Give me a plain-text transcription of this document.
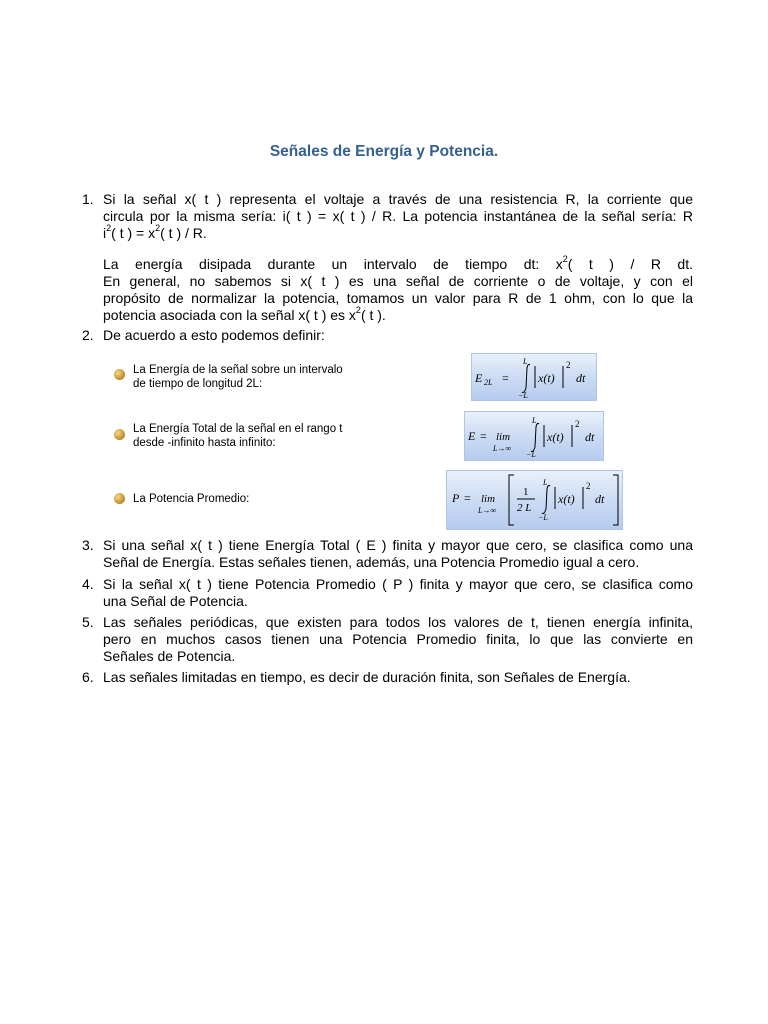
Señales de Energía y Potencia.
1. Si la señal x( t ) representa el voltaje a través de una resistencia R, la corriente que

circula por la misma sería: i( t ) = x( t ) / R. La potencia instantánea de la señal sería: R

$i^2$( t ) = $x^2$( t ) / R.

La energía disipada durante un intervalo de tiempo dt: $x^2$( t ) / R dt.

En general, no sabemos si x( t ) es una señal de corriente o de voltaje, y con el

propósito de normalizar la potencia, tomamos un valor para R de 1 ohm, con lo que la

potencia asociada con la señal x( t ) es $x^2$( t ).

2. De acuerdo a esto podemos definir:

La Energía de la señal sobre un intervalo
de tiempo de longitud 2L:
La Energía Total de la señal en el rango t
desde -infinito hasta infinito:
La Potencia Promedio:
E 2L =
L
−L
x(t)
2
dt
E = lim
L→∞
L
−L
x(t)
2
dt
P = lim
L→∞
1
2 L
L
−L
x(t)
2
dt
3. Si una señal x( t ) tiene Energía Total ( E ) finita y mayor que cero, se clasifica como una

Señal de Energía. Estas señales tienen, además, una Potencia Promedio igual a cero.

4. Si la señal x( t ) tiene Potencia Promedio ( P ) finita y mayor que cero, se clasifica como

una Señal de Potencia.

5. Las señales periódicas, que existen para todos los valores de t, tienen energía infinita,

pero en muchos casos tienen una Potencia Promedio finita, lo que las convierte en

Señales de Potencia.

6. Las señales limitadas en tiempo, es decir de duración finita, son Señales de Energía.
